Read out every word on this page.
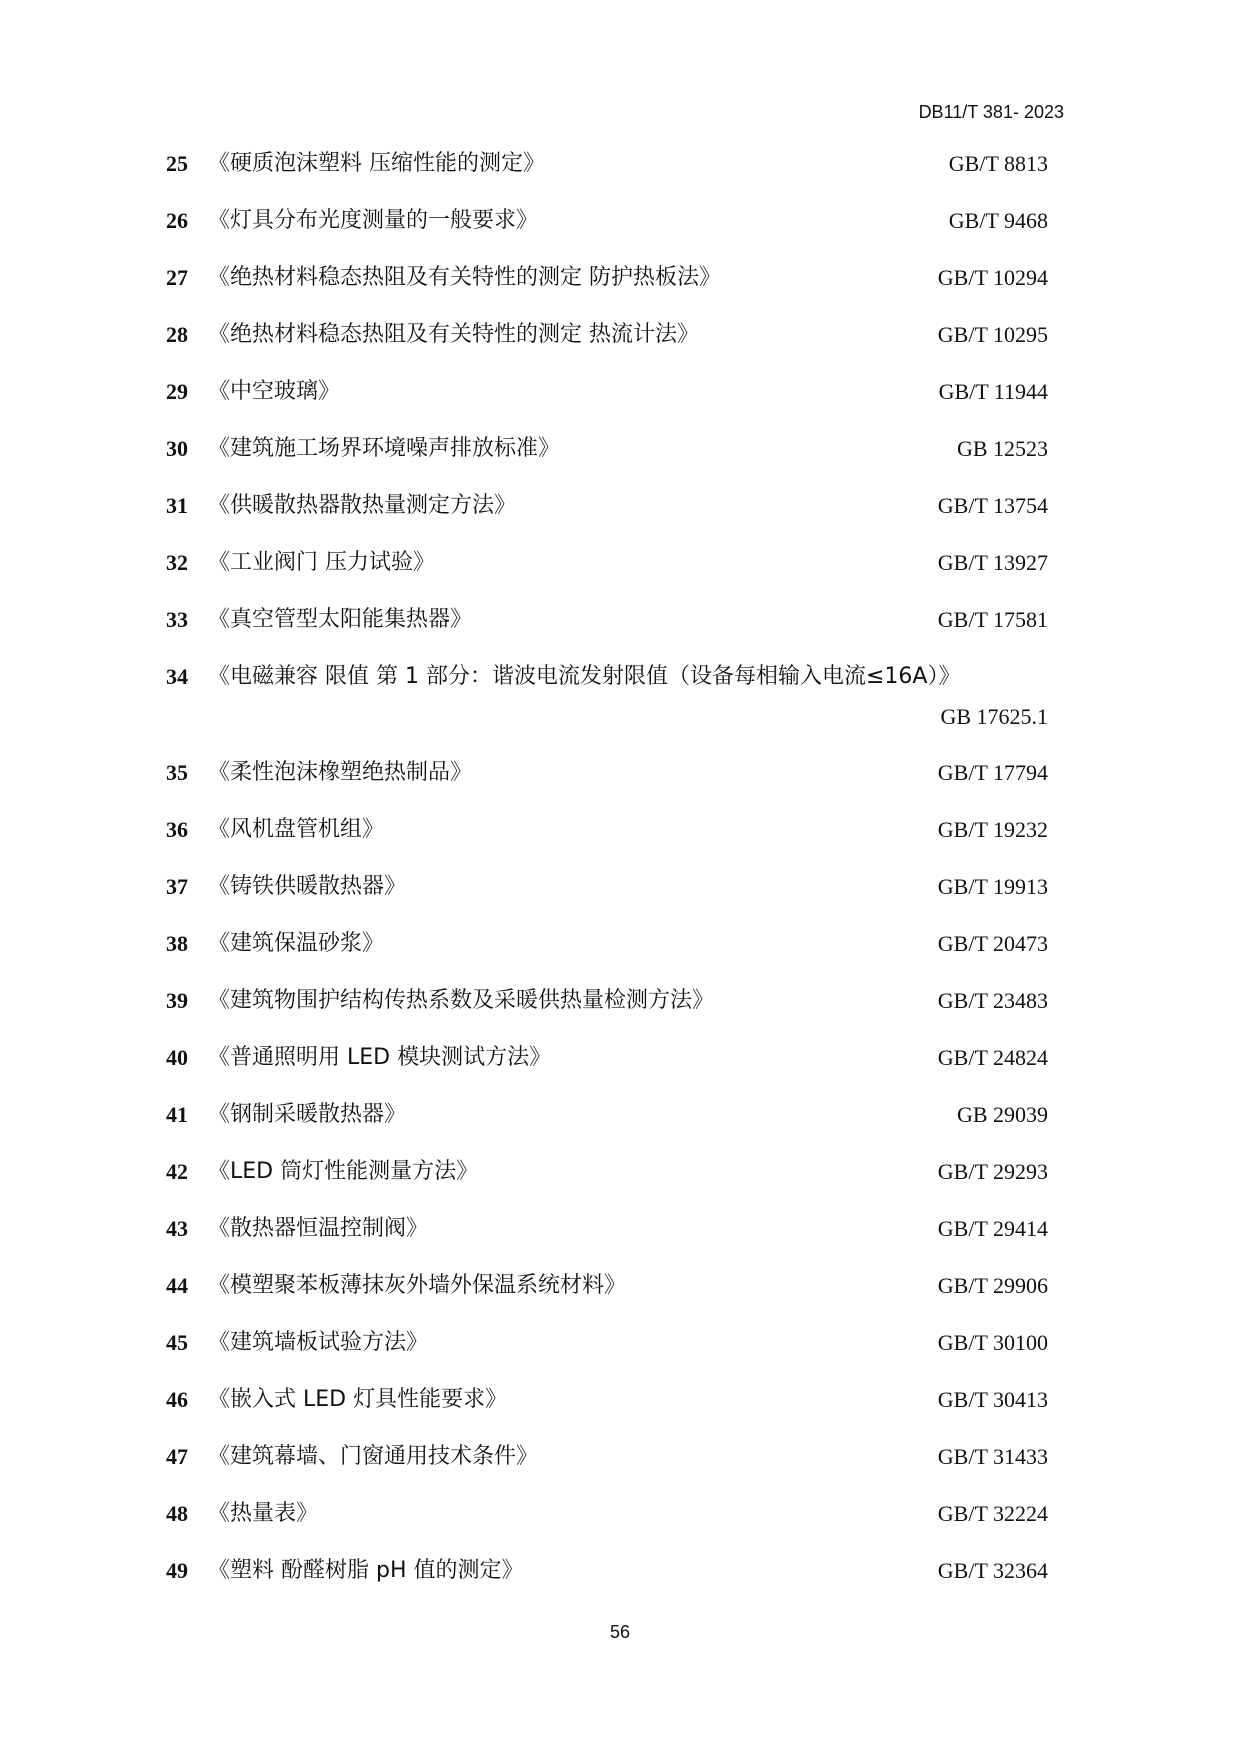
DB11/T 381- 2023
25 《硬质泡沫塑料 压缩性能的测定》	GB/T 8813
26 《灯具分布光度测量的一般要求》	GB/T 9468
27 《绝热材料稳态热阻及有关特性的测定 防护热板法》	GB/T 10294
28 《绝热材料稳态热阻及有关特性的测定 热流计法》	GB/T 10295
29 《中空玻璃》	GB/T 11944
30 《建筑施工场界环境噪声排放标准》	GB 12523
31 《供暖散热器散热量测定方法》	GB/T 13754
32 《工业阀门 压力试验》	GB/T 13927
33 《真空管型太阳能集热器》	GB/T 17581
34 《电磁兼容 限值 第 1 部分：谐波电流发射限值（设备每相输入电流≤16A）》
GB 17625.1
35 《柔性泡沫橡塑绝热制品》	GB/T 17794
36 《风机盘管机组》	GB/T 19232
37 《铸铁供暖散热器》	GB/T 19913
38 《建筑保温砂浆》	GB/T 20473
39 《建筑物围护结构传热系数及采暖供热量检测方法》	GB/T 23483
40 《普通照明用 LED 模块测试方法》	GB/T 24824
41 《钢制采暖散热器》	GB 29039
42 《LED 筒灯性能测量方法》	GB/T 29293
43 《散热器恒温控制阀》	GB/T 29414
44 《模塑聚苯板薄抹灰外墙外保温系统材料》	GB/T 29906
45 《建筑墙板试验方法》	GB/T 30100
46 《嵌入式 LED 灯具性能要求》	GB/T 30413
47 《建筑幕墙、门窗通用技术条件》	GB/T 31433
48 《热量表》	GB/T 32224
49 《塑料 酚醛树脂 pH 值的测定》	GB/T 32364
56
